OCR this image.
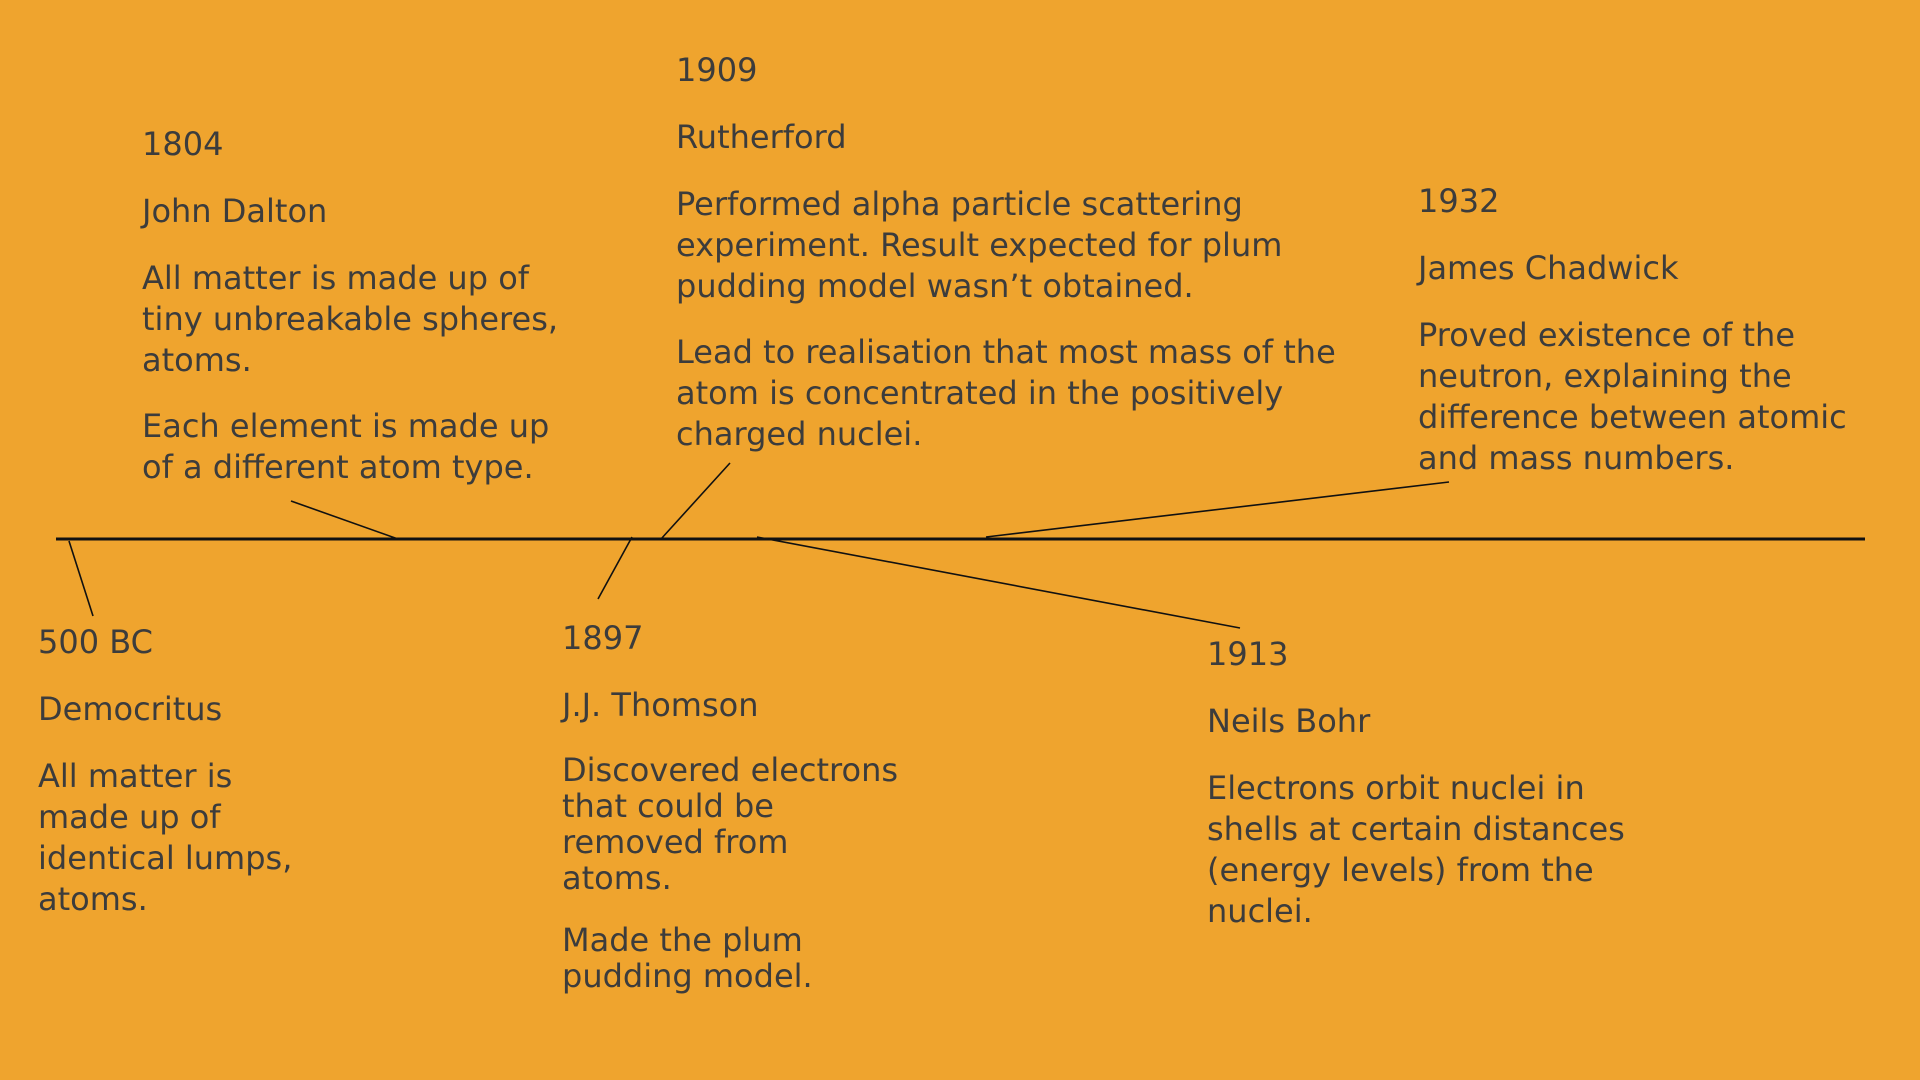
500 BC
Democritus
All matter is made up of identical lumps, atoms.
1804
John Dalton
All matter is made up of tiny unbreakable spheres, atoms.
Each element is made up of a different atom type.
1897
J.J. Thomson
Discovered electrons that could be removed from atoms.
Made the plum pudding model.
1909
Rutherford
Performed alpha particle scattering experiment. Result expected for plum pudding model wasn’t obtained.
Lead to realisation that most mass of the atom is concentrated in the positively charged nuclei.
1913
Neils Bohr
Electrons orbit nuclei in shells at certain distances (energy levels) from the nuclei.
1932
James Chadwick
Proved existence of the neutron, explaining the difference between atomic and mass numbers.
